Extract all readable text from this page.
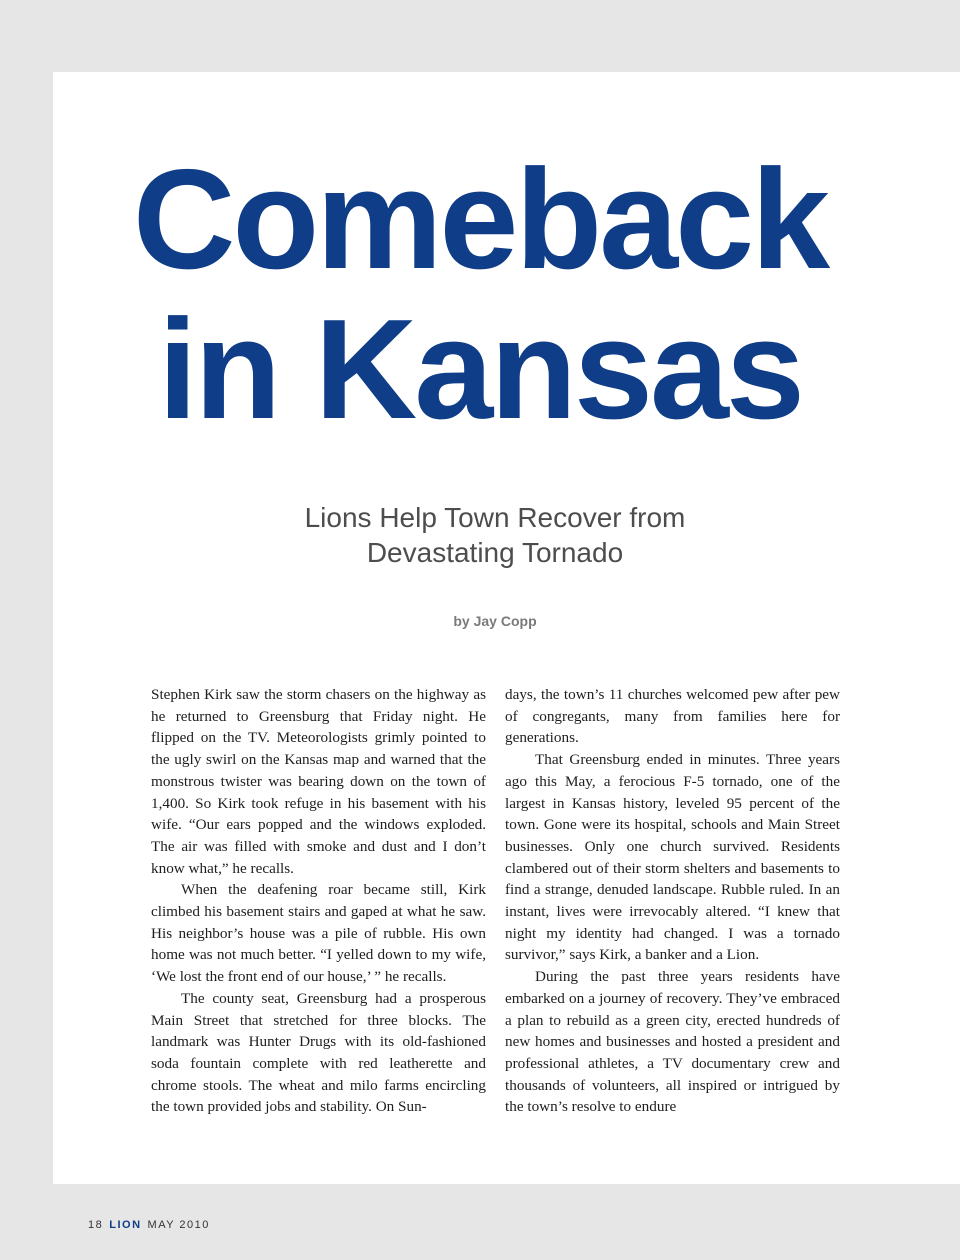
Comeback
in Kansas
Lions Help Town Recover from
Devastating Tornado
by Jay Copp

Stephen Kirk saw the storm chasers on the highway as he returned to Greensburg that Friday night. He flipped on the TV. Meteorologists grimly pointed to the ugly swirl on the Kansas map and warned that the monstrous twister was bearing down on the town of 1,400. So Kirk took refuge in his basement with his wife. “Our ears popped and the windows exploded. The air was filled with smoke and dust and I don’t know what,” he recalls.

When the deafening roar became still, Kirk climbed his basement stairs and gaped at what he saw. His neighbor’s house was a pile of rubble. His own home was not much better. “I yelled down to my wife, ‘We lost the front end of our house,’ ” he recalls.

The county seat, Greensburg had a prosperous Main Street that stretched for three blocks. The landmark was Hunter Drugs with its old-fashioned soda fountain complete with red leatherette and chrome stools. The wheat and milo farms encircling the town provided jobs and stability. On Sun-

days, the town’s 11 churches welcomed pew after pew of congregants, many from families here for generations.

That Greensburg ended in minutes. Three years ago this May, a ferocious F-5 tornado, one of the largest in Kansas history, leveled 95 percent of the town. Gone were its hospital, schools and Main Street businesses. Only one church survived. Residents clambered out of their storm shelters and basements to find a strange, denuded landscape. Rubble ruled. In an instant, lives were irrevocably altered. “I knew that night my identity had changed. I was a tornado survivor,” says Kirk, a banker and a Lion.

During the past three years residents have embarked on a journey of recovery. They’ve embraced a plan to rebuild as a green city, erected hundreds of new homes and businesses and hosted a president and professional athletes, a TV documentary crew and thousands of volunteers, all inspired or intrigued by the town’s resolve to endure

18 LION MAY 2010
